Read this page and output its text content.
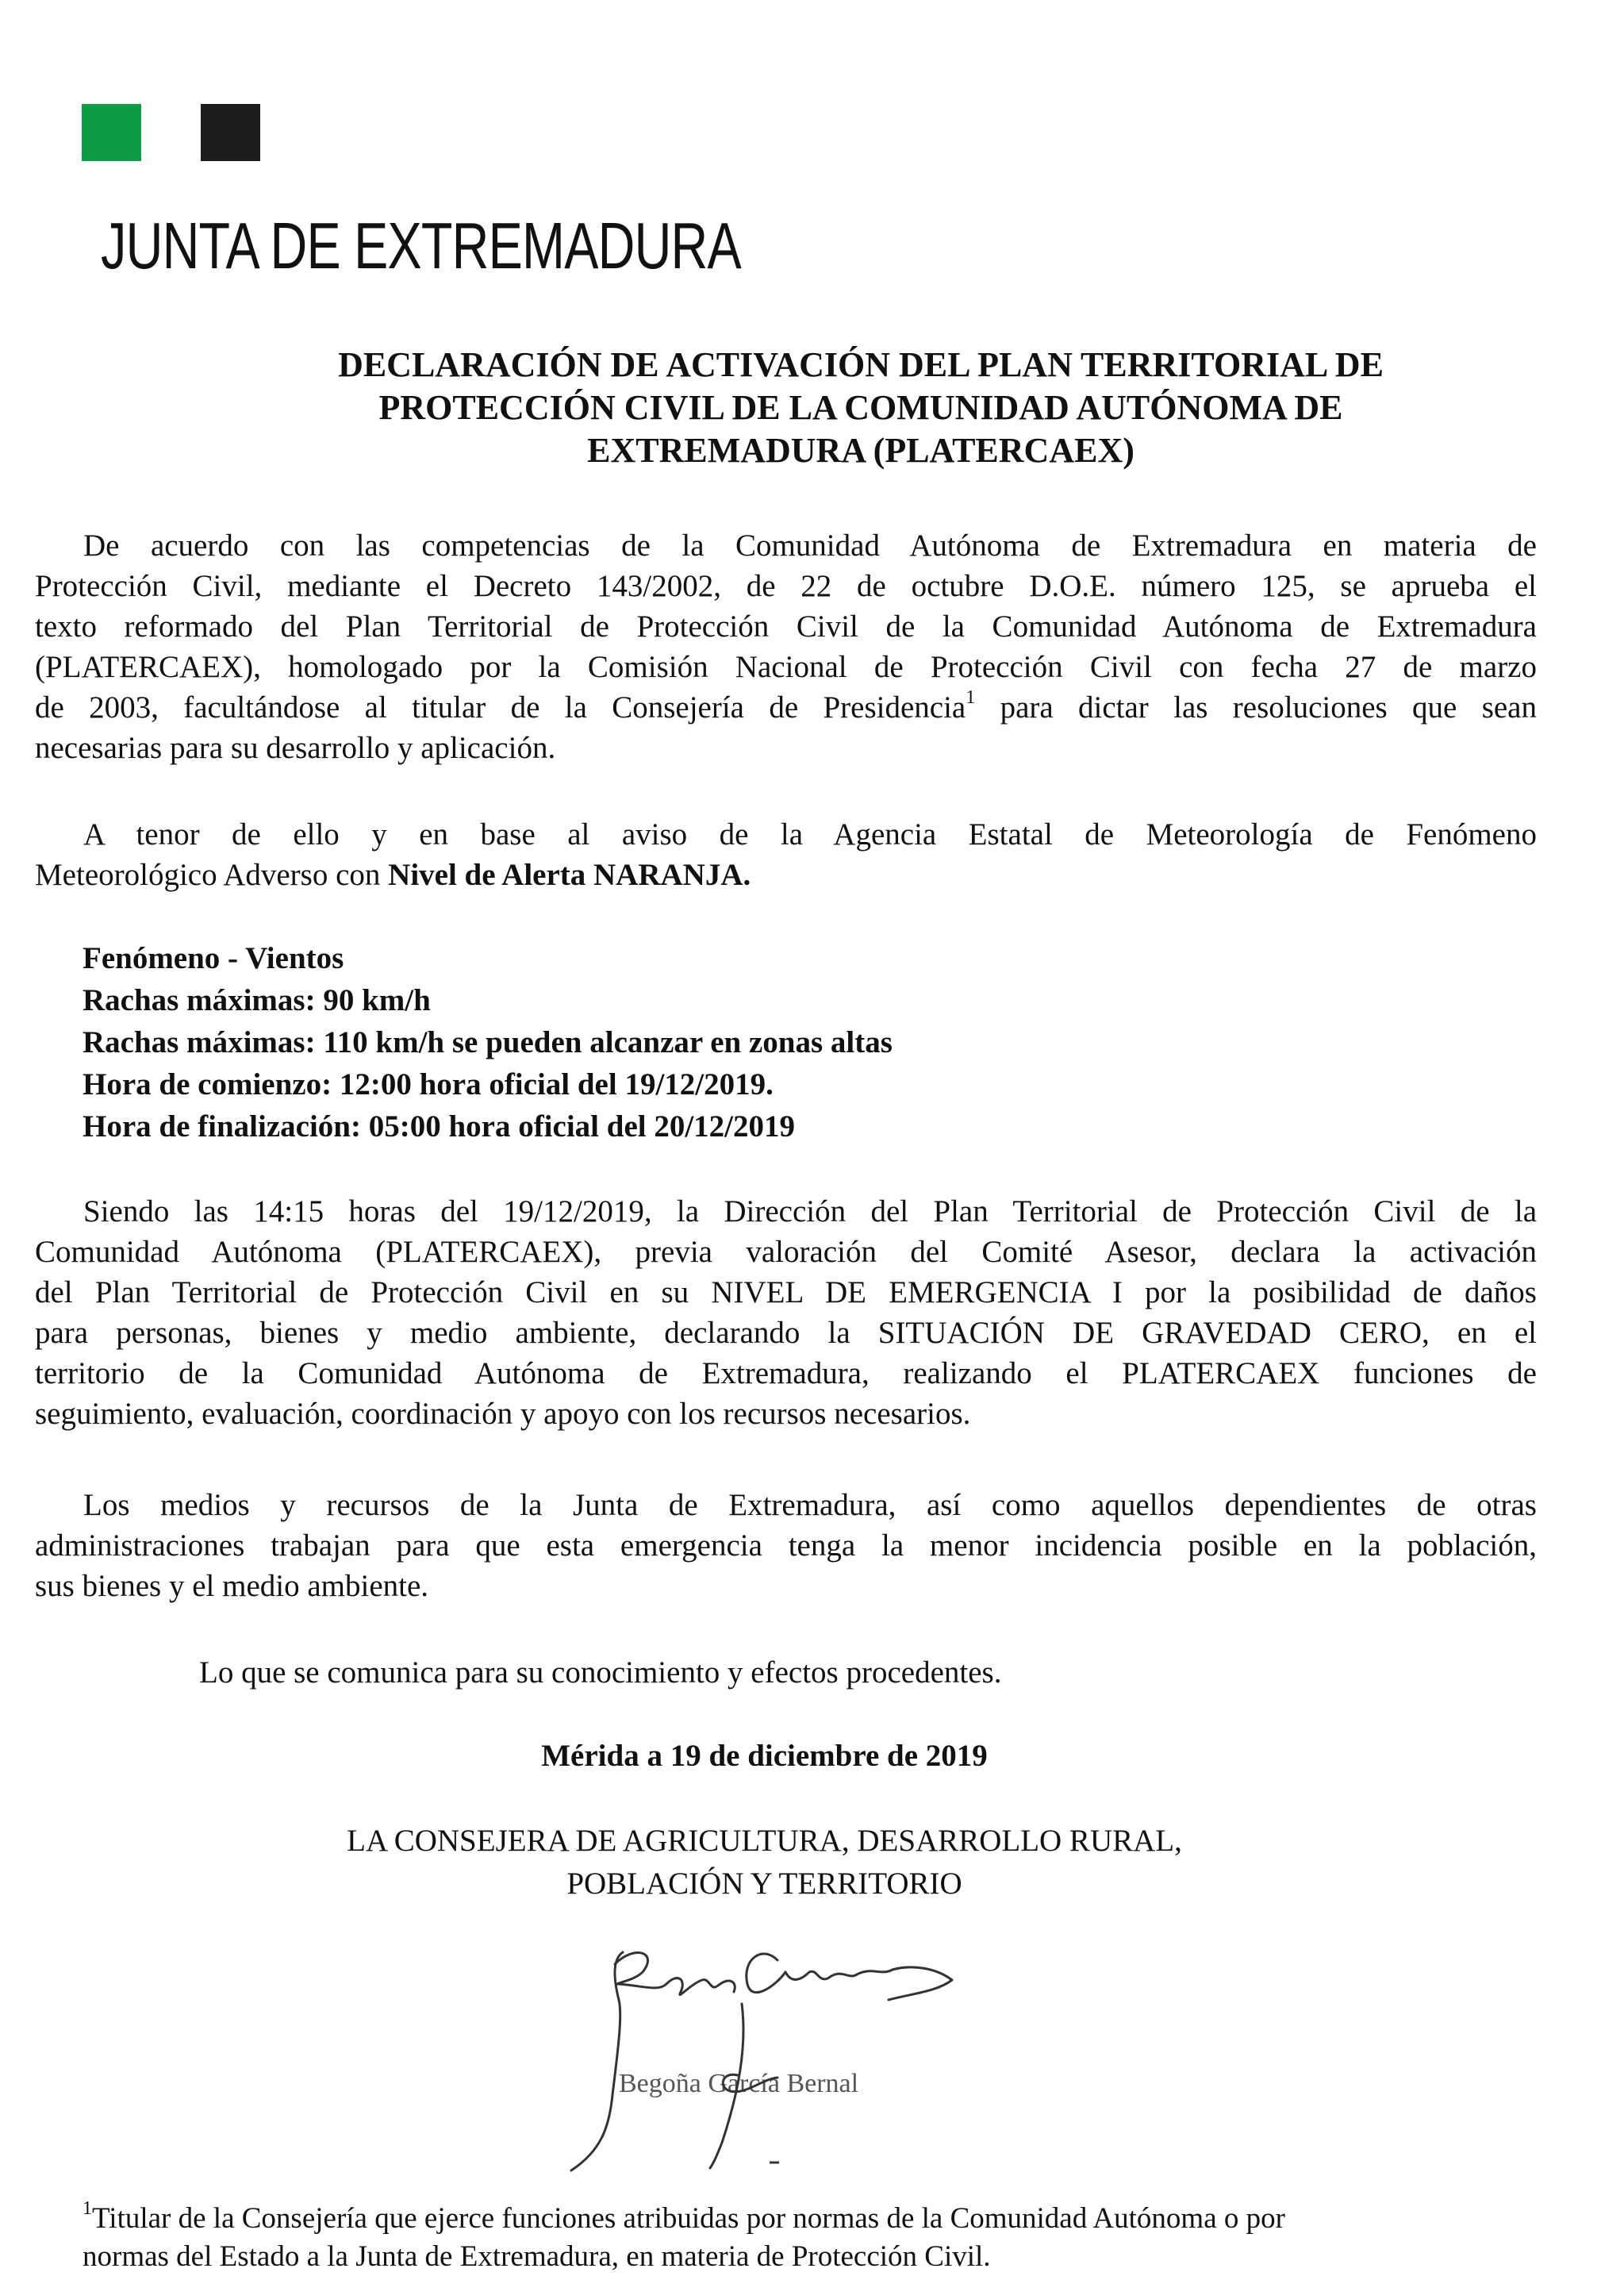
JUNTA DE EXTREMADURA
DECLARACIÓN DE ACTIVACIÓN DEL PLAN TERRITORIAL DE
PROTECCIÓN CIVIL DE LA COMUNIDAD AUTÓNOMA DE
EXTREMADURA (PLATERCAEX)
De acuerdo con las competencias de la Comunidad Autónoma de Extremadura en materia de
Protección Civil, mediante el Decreto 143/2002, de 22 de octubre D.O.E. número 125, se aprueba el
texto reformado del Plan Territorial de Protección Civil de la Comunidad Autónoma de Extremadura
(PLATERCAEX), homologado por la Comisión Nacional de Protección Civil con fecha 27 de marzo
de 2003, facultándose al titular de la Consejería de Presidencia$^1$ para dictar las resoluciones que sean
necesarias para su desarrollo y aplicación.
A tenor de ello y en base al aviso de la Agencia Estatal de Meteorología de Fenómeno
Meteorológico Adverso con Nivel de Alerta NARANJA.
Fenómeno - Vientos
Rachas máximas: 90 km/h
Rachas máximas: 110 km/h se pueden alcanzar en zonas altas
Hora de comienzo: 12:00 hora oficial del 19/12/2019.
Hora de finalización: 05:00 hora oficial del 20/12/2019
Siendo las 14:15 horas del 19/12/2019, la Dirección del Plan Territorial de Protección Civil de la
Comunidad Autónoma (PLATERCAEX), previa valoración del Comité Asesor, declara la activación
del Plan Territorial de Protección Civil en su NIVEL DE EMERGENCIA I por la posibilidad de daños
para personas, bienes y medio ambiente, declarando la SITUACIÓN DE GRAVEDAD CERO, en el
territorio de la Comunidad Autónoma de Extremadura, realizando el PLATERCAEX funciones de
seguimiento, evaluación, coordinación y apoyo con los recursos necesarios.
Los medios y recursos de la Junta de Extremadura, así como aquellos dependientes de otras
administraciones trabajan para que esta emergencia tenga la menor incidencia posible en la población,
sus bienes y el medio ambiente.
Lo que se comunica para su conocimiento y efectos procedentes.
Mérida a 19 de diciembre de 2019
LA CONSEJERA DE AGRICULTURA, DESARROLLO RURAL,
POBLACIÓN Y TERRITORIO
Begoña García Bernal
$^1$Titular de la Consejería que ejerce funciones atribuidas por normas de la Comunidad Autónoma o por
normas del Estado a la Junta de Extremadura, en materia de Protección Civil.
